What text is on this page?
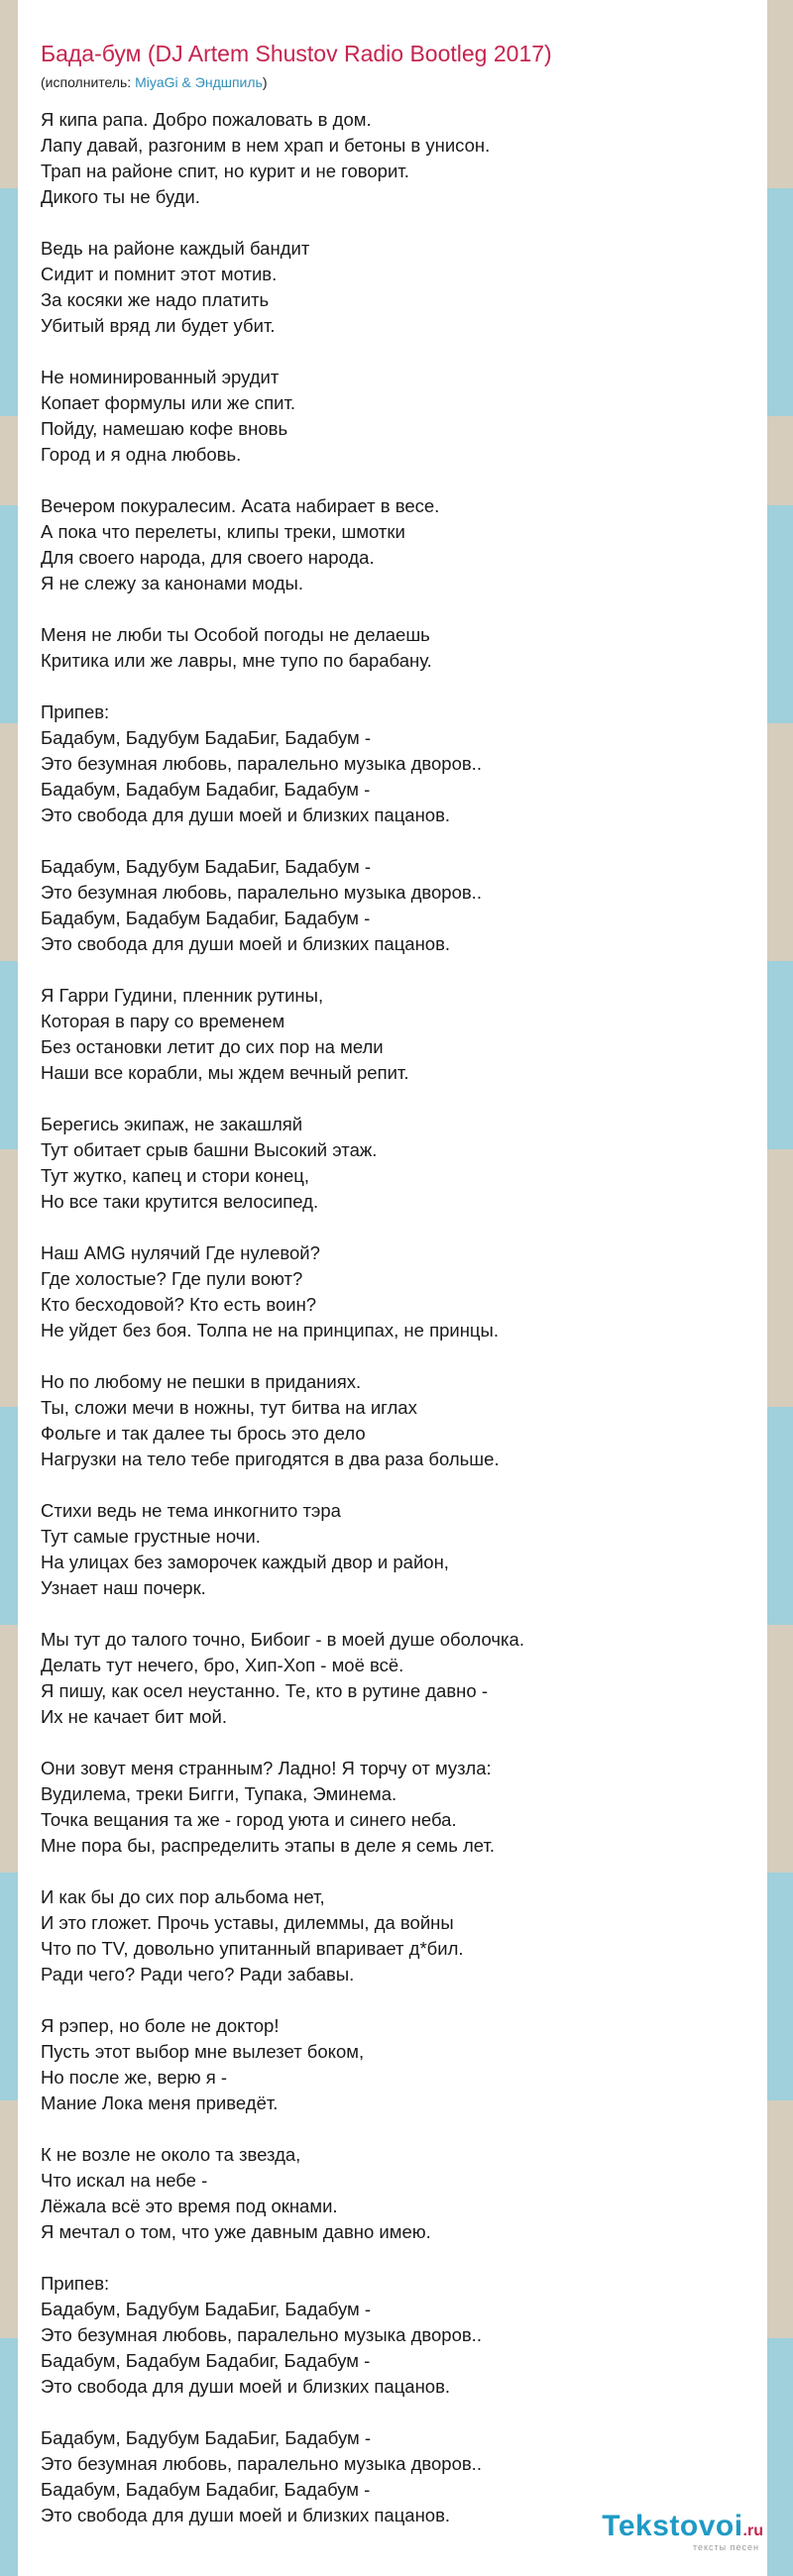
Бада-бум (DJ Artem Shustov Radio Bootleg 2017)
(исполнитель: MiyaGi & Эндшпиль)
Я кипа рапа. Добро пожаловать в дом.
Лапу давай, разгоним в нем храп и бетоны в унисон.
Трап на районе спит, но курит и не говорит.
Дикого ты не буди.
Ведь на районе каждый бандит
Сидит и помнит этот мотив.
За косяки же надо платить
Убитый вряд ли будет убит.
Не номинированный эрудит
Копает формулы или же спит.
Пойду, намешаю кофе вновь
Город и я одна любовь.
Вечером покуралесим. Асата набирает в весе.
А пока что перелеты, клипы треки, шмотки
Для своего народа, для своего народа.
Я не слежу за канонами моды.
Меня не люби ты Особой погоды не делаешь
Критика или же лавры, мне тупо по барабану.
Припев:
Бадабум, Бадубум БадаБиг, Бадабум -
Это безумная любовь, паралельно музыка дворов..
Бадабум, Бадабум Бадабиг, Бадабум -
Это свобода для души моей и близких пацанов.
Бадабум, Бадубум БадаБиг, Бадабум -
Это безумная любовь, паралельно музыка дворов..
Бадабум, Бадабум Бадабиг, Бадабум -
Это свобода для души моей и близких пацанов.
Я Гарри Гудини, пленник рутины,
Которая в пару со временем
Без остановки летит до сих пор на мели
Наши все корабли, мы ждем вечный репит.
Берегись экипаж, не закашляй
Тут обитает срыв башни Высокий этаж.
Тут жутко, капец и стори конец,
Но все таки крутится велосипед.
Наш AMG нулячий Где нулевой?
Где холостые? Где пули воют?
Кто бесходовой? Кто есть воин?
Не уйдет без боя. Толпа не на принципах, не принцы.
Но по любому не пешки в приданиях.
Ты, сложи мечи в ножны, тут битва на иглах
Фольге и так далее ты брось это дело
Нагрузки на тело тебе пригодятся в два раза больше.
Стихи ведь не тема инкогнито тэра
Тут самые грустные ночи.
На улицах без заморочек каждый двор и район,
Узнает наш почерк.
Мы тут до талого точно, Бибоиг - в моей душе оболочка.
Делать тут нечего, бро, Хип-Хоп - моё всё.
Я пишу, как осел неустанно. Те, кто в рутине давно -
Их не качает бит мой.
Они зовут меня странным? Ладно! Я торчу от музла:
Вудилема, треки Бигги, Тупака, Эминема.
Точка вещания та же - город уюта и синего неба.
Мне пора бы, распределить этапы в деле я семь лет.
И как бы до сих пор альбома нет,
И это гложет. Прочь уставы, дилеммы, да войны
Что по TV, довольно упитанный впаривает д*бил.
Ради чего? Ради чего? Ради забавы.
Я рэпер, но боле не доктор!
Пусть этот выбор мне вылезет боком,
Но после же, верю я -
Мание Лока меня приведёт.
К не возле не около та звезда,
Что искал на небе -
Лёжала всё это время под окнами.
Я мечтал о том, что уже давным давно имею.
Припев:
Бадабум, Бадубум БадаБиг, Бадабум -
Это безумная любовь, паралельно музыка дворов..
Бадабум, Бадабум Бадабиг, Бадабум -
Это свобода для души моей и близких пацанов.
Бадабум, Бадубум БадаБиг, Бадабум -
Это безумная любовь, паралельно музыка дворов..
Бадабум, Бадабум Бадабиг, Бадабум -
Это свобода для души моей и близких пацанов.	Tekstovoi.ru
тексты песен
